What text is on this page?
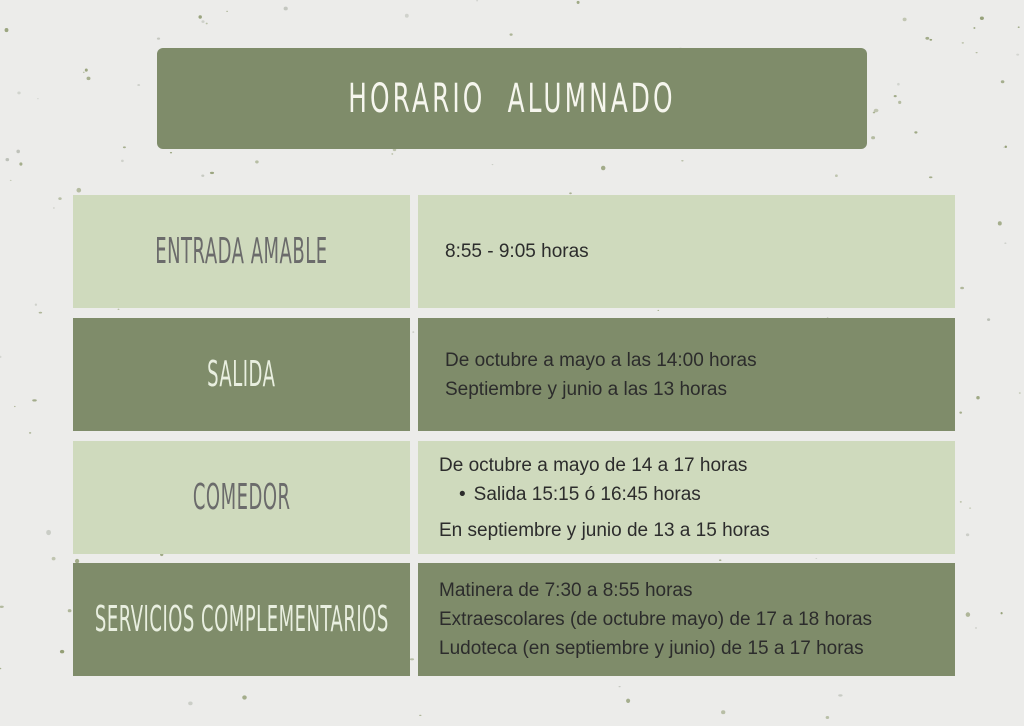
HORARIO ALUMNADO
ENTRADA AMABLE	8:55 - 9:05 horas
SALIDA	De octubre a mayo a las 14:00 horas
Septiembre y junio a las 13 horas
COMEDOR
De octubre a mayo de 14 a 17 horas
• Salida 15:15 ó 16:45 horas
En septiembre y junio de 13 a 15 horas
SERVICIOS COMPLEMENTARIOS
Matinera de 7:30 a 8:55 horas
Extraescolares (de octubre mayo) de 17 a 18 horas
Ludoteca (en septiembre y junio) de 15 a 17 horas
